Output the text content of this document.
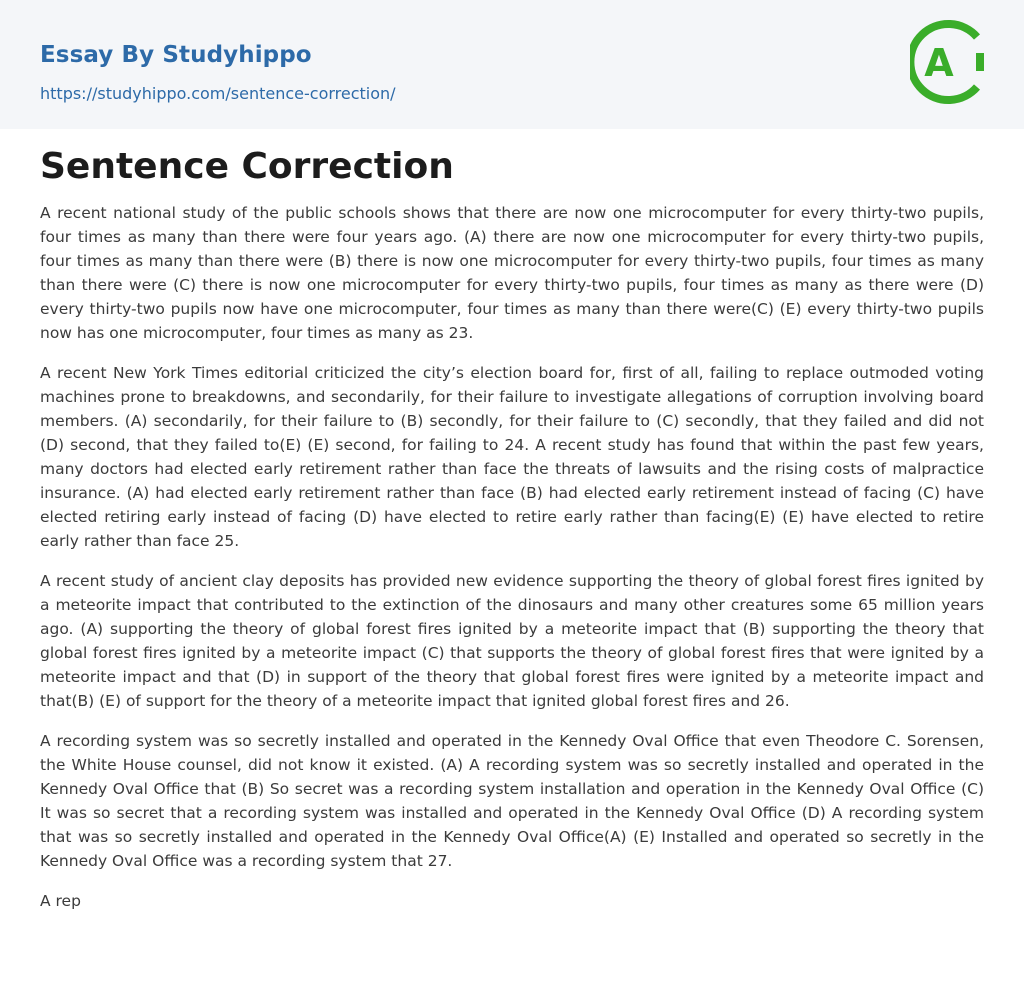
Essay By Studyhippo
https://studyhippo.com/sentence-correction/
A
Sentence Correction

A recent national study of the public schools shows that there are now one microcomputer for every thirty-two pupils, four times as many than there were four years ago. (A) there are now one microcomputer for every thirty-two pupils, four times as many than there were (B) there is now one microcomputer for every thirty-two pupils, four times as many than there were (C) there is now one microcomputer for every thirty-two pupils, four times as many as there were (D) every thirty-two pupils now have one microcomputer, four times as many than there were(C) (E) every thirty-two pupils now has one microcomputer, four times as many as 23.

A recent New York Times editorial criticized the city’s election board for, first of all, failing to replace outmoded voting machines prone to breakdowns, and secondarily, for their failure to investigate allegations of corruption involving board members. (A) secondarily, for their failure to (B) secondly, for their failure to (C) secondly, that they failed and did not (D) second, that they failed to(E) (E) second, for failing to 24. A recent study has found that within the past few years, many doctors had elected early retirement rather than face the threats of lawsuits and the rising costs of malpractice insurance. (A) had elected early retirement rather than face (B) had elected early retirement instead of facing (C) have elected retiring early instead of facing (D) have elected to retire early rather than facing(E) (E) have elected to retire early rather than face 25.

A recent study of ancient clay deposits has provided new evidence supporting the theory of global forest fires ignited by a meteorite impact that contributed to the extinction of the dinosaurs and many other creatures some 65 million years ago. (A) supporting the theory of global forest fires ignited by a meteorite impact that (B) supporting the theory that global forest fires ignited by a meteorite impact (C) that supports the theory of global forest fires that were ignited by a meteorite impact and that (D) in support of the theory that global forest fires were ignited by a meteorite impact and that(B) (E) of support for the theory of a meteorite impact that ignited global forest fires and 26.

A recording system was so secretly installed and operated in the Kennedy Oval Office that even Theodore C. Sorensen, the White House counsel, did not know it existed. (A) A recording system was so secretly installed and operated in the Kennedy Oval Office that (B) So secret was a recording system installation and operation in the Kennedy Oval Office (C) It was so secret that a recording system was installed and operated in the Kennedy Oval Office (D) A recording system that was so secretly installed and operated in the Kennedy Oval Office(A) (E) Installed and operated so secretly in the Kennedy Oval Office was a recording system that 27.

A rep
